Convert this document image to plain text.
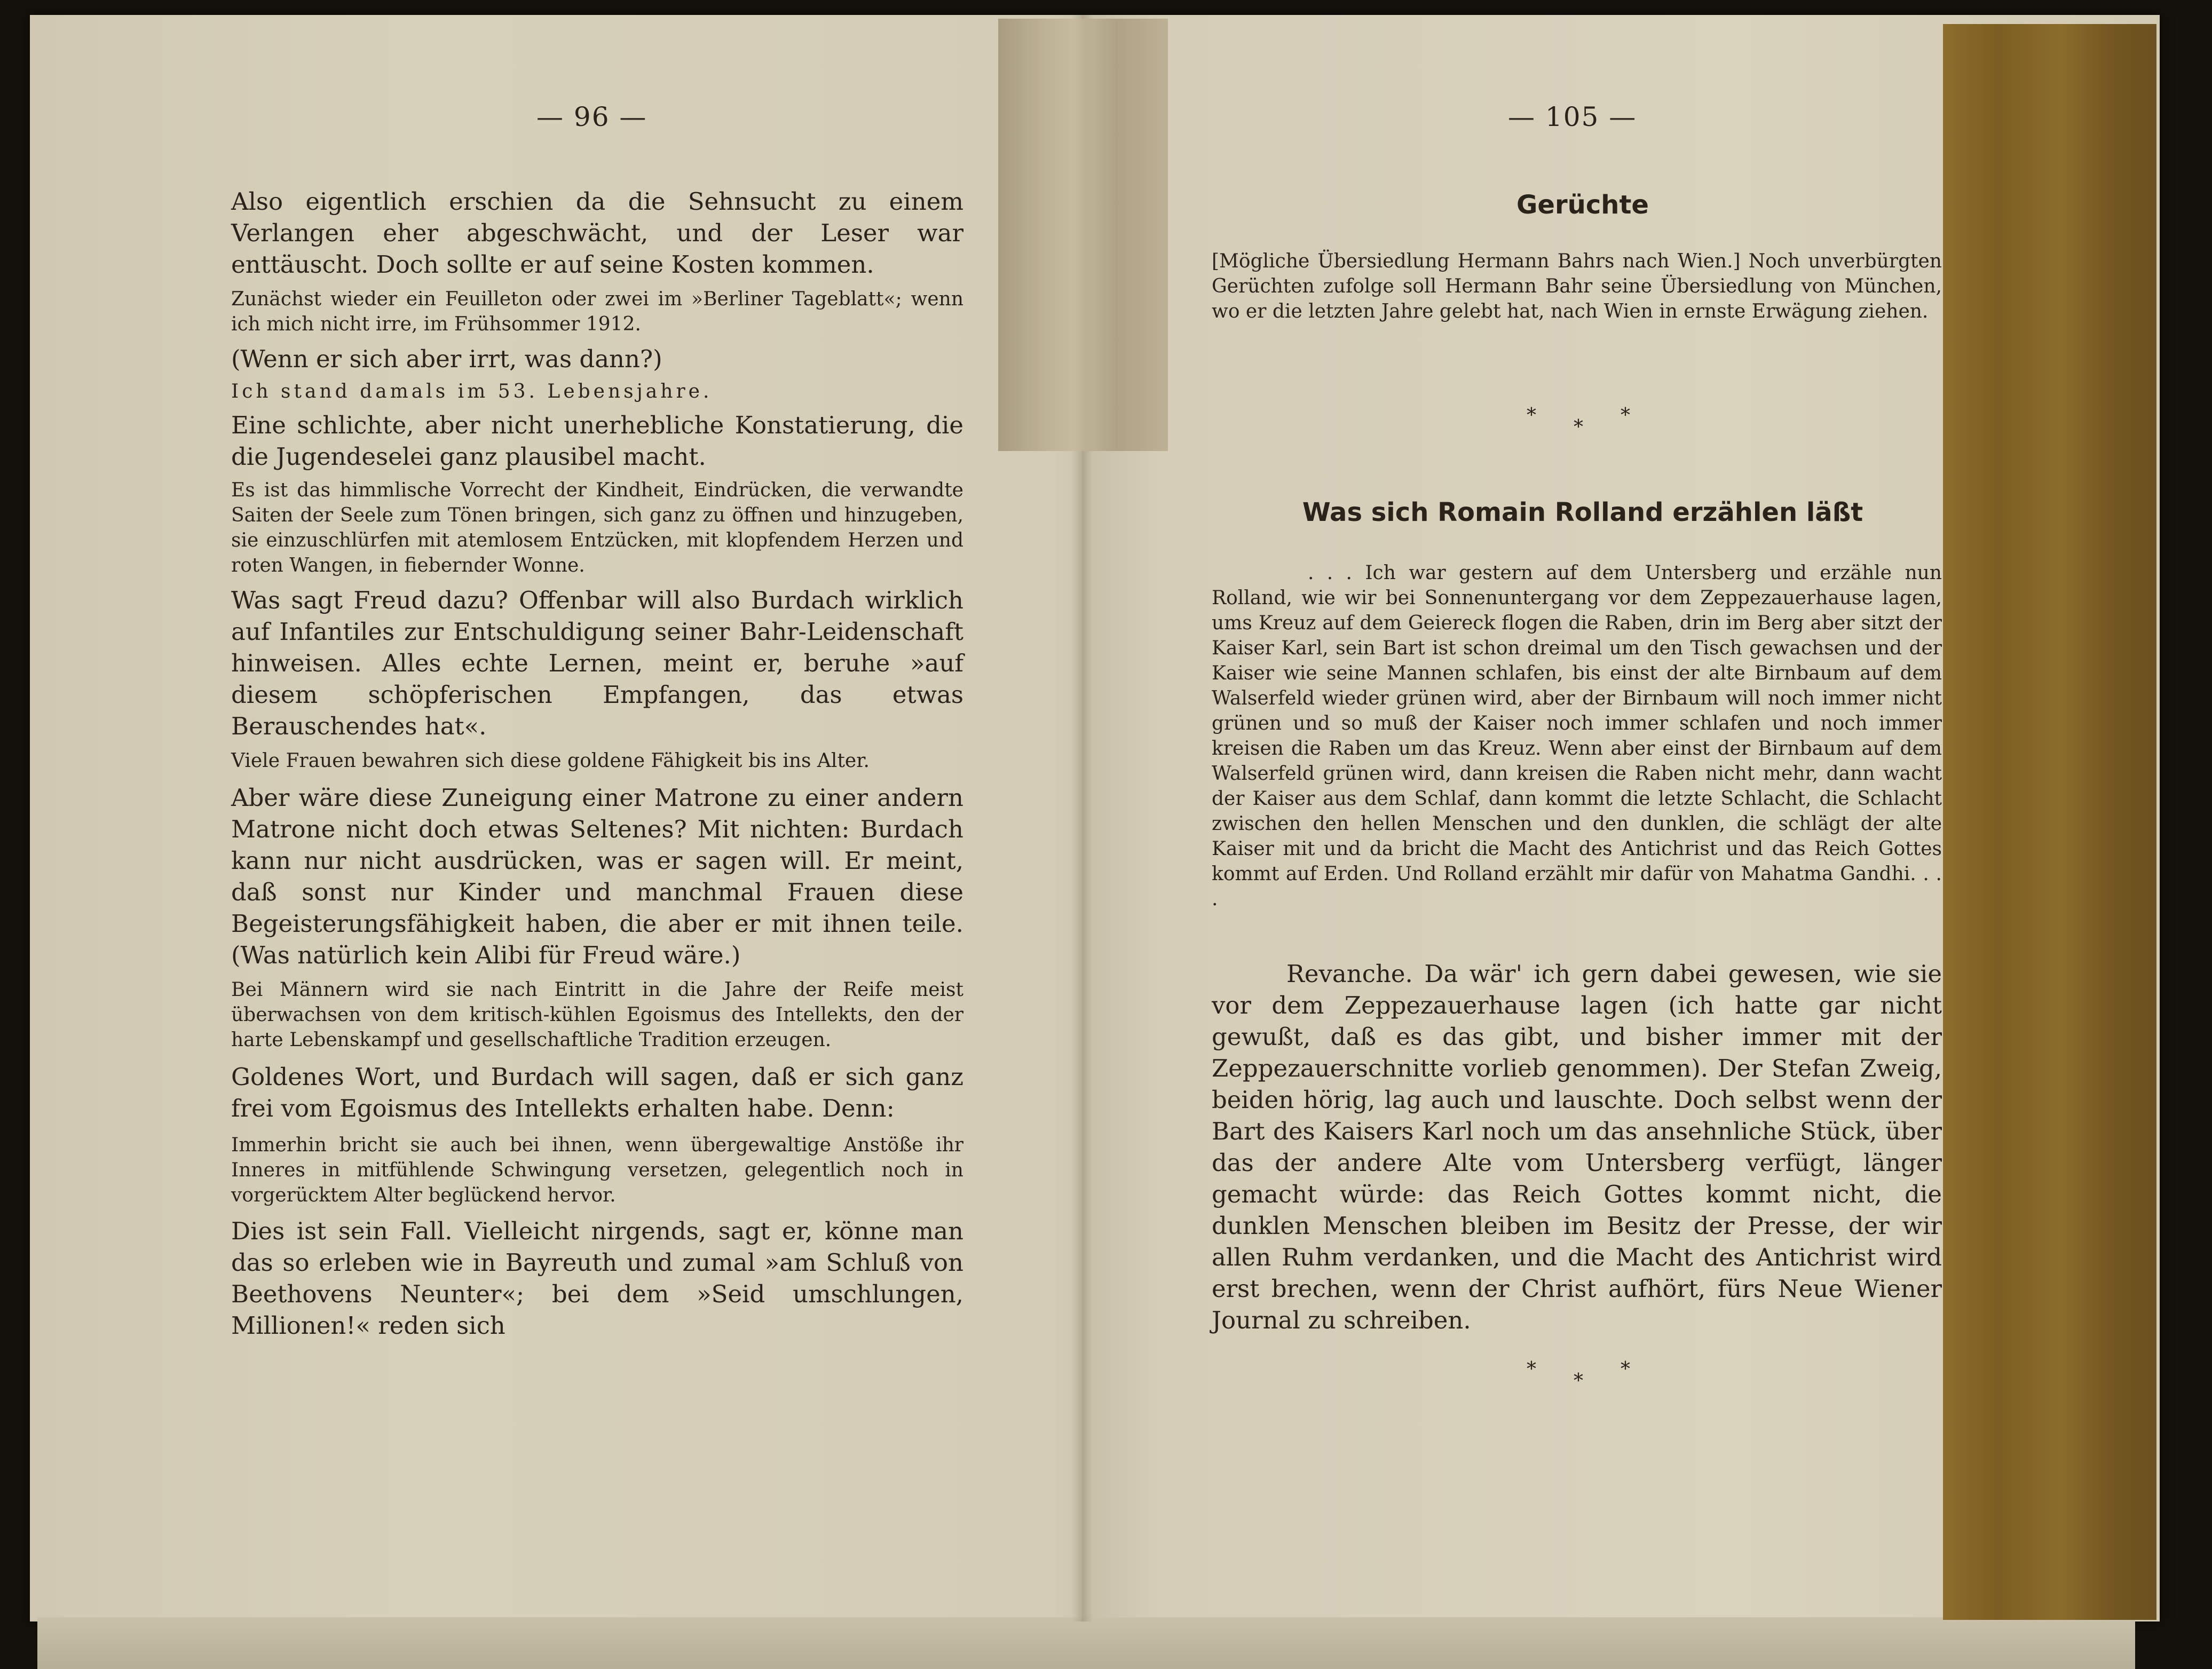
— 96 —

Also eigentlich erschien da die Sehnsucht zu einem Verlangen eher abgeschwächt, und der Leser war enttäuscht. Doch sollte er auf seine Kosten kommen.

Zunächst wieder ein Feuilleton oder zwei im »Berliner Tageblatt«; wenn ich mich nicht irre, im Frühsommer 1912.

(Wenn er sich aber irrt, was dann?)

Ich stand damals im 53. Lebensjahre.

Eine schlichte, aber nicht unerhebliche Konstatierung, die die Jugendeselei ganz plausibel macht.

Es ist das himmlische Vorrecht der Kindheit, Eindrücken, die verwandte Saiten der Seele zum Tönen bringen, sich ganz zu öffnen und hinzugeben, sie einzuschlürfen mit atemlosem Entzücken, mit klopfendem Herzen und roten Wangen, in fiebernder Wonne.

Was sagt Freud dazu? Offenbar will also Burdach wirklich auf Infantiles zur Entschuldigung seiner Bahr-Leidenschaft hinweisen. Alles echte Lernen, meint er, beruhe »auf diesem schöpferischen Empfangen, das etwas Berauschendes hat«.

Viele Frauen bewahren sich diese goldene Fähigkeit bis ins Alter.

Aber wäre diese Zuneigung einer Matrone zu einer andern Matrone nicht doch etwas Seltenes? Mit nichten: Burdach kann nur nicht ausdrücken, was er sagen will. Er meint, daß sonst nur Kinder und manchmal Frauen diese Begeisterungsfähigkeit haben, die aber er mit ihnen teile. (Was natürlich kein Alibi für Freud wäre.)

Bei Männern wird sie nach Eintritt in die Jahre der Reife meist überwachsen von dem kritisch-kühlen Egoismus des Intellekts, den der harte Lebenskampf und gesellschaftliche Tradition erzeugen.

Goldenes Wort, und Burdach will sagen, daß er sich ganz frei vom Egoismus des Intellekts erhalten habe. Denn:

Immerhin bricht sie auch bei ihnen, wenn übergewaltige Anstöße ihr Inneres in mitfühlende Schwingung versetzen, gelegentlich noch in vorgerücktem Alter beglückend hervor.

Dies ist sein Fall. Vielleicht nirgends, sagt er, könne man das so erleben wie in Bayreuth und zumal »am Schluß von Beethovens Neunter«; bei dem »Seid umschlungen, Millionen!« reden sich

— 105 —
Gerüchte
[Mögliche Übersiedlung Hermann Bahrs nach Wien.] Noch unverbürgten Gerüchten zufolge soll Hermann Bahr seine Übersiedlung von München, wo er die letzten Jahre gelebt hat, nach Wien in ernste Erwägung ziehen.
***
Was sich Romain Rolland erzählen läßt
. . . Ich war gestern auf dem Untersberg und erzähle nun Rolland, wie wir bei Sonnenuntergang vor dem Zeppezauerhause lagen, ums Kreuz auf dem Geiereck flogen die Raben, drin im Berg aber sitzt der Kaiser Karl, sein Bart ist schon dreimal um den Tisch gewachsen und der Kaiser wie seine Mannen schlafen, bis einst der alte Birnbaum auf dem Walserfeld wieder grünen wird, aber der Birnbaum will noch immer nicht grünen und so muß der Kaiser noch immer schlafen und noch immer kreisen die Raben um das Kreuz. Wenn aber einst der Birnbaum auf dem Walserfeld grünen wird, dann kreisen die Raben nicht mehr, dann wacht der Kaiser aus dem Schlaf, dann kommt die letzte Schlacht, die Schlacht zwischen den hellen Menschen und den dunklen, die schlägt der alte Kaiser mit und da bricht die Macht des Antichrist und das Reich Gottes kommt auf Erden. Und Rolland erzählt mir dafür von Mahatma Gandhi. . . .
Revanche. Da wär' ich gern dabei gewesen, wie sie vor dem Zeppezauerhause lagen (ich hatte gar nicht gewußt, daß es das gibt, und bisher immer mit der Zeppezauerschnitte vorlieb genommen). Der Stefan Zweig, beiden hörig, lag auch und lauschte. Doch selbst wenn der Bart des Kaisers Karl noch um das ansehnliche Stück, über das der andere Alte vom Untersberg verfügt, länger gemacht würde: das Reich Gottes kommt nicht, die dunklen Menschen bleiben im Besitz der Presse, der wir allen Ruhm verdanken, und die Macht des Antichrist wird erst brechen, wenn der Christ aufhört, fürs Neue Wiener Journal zu schreiben.
***
